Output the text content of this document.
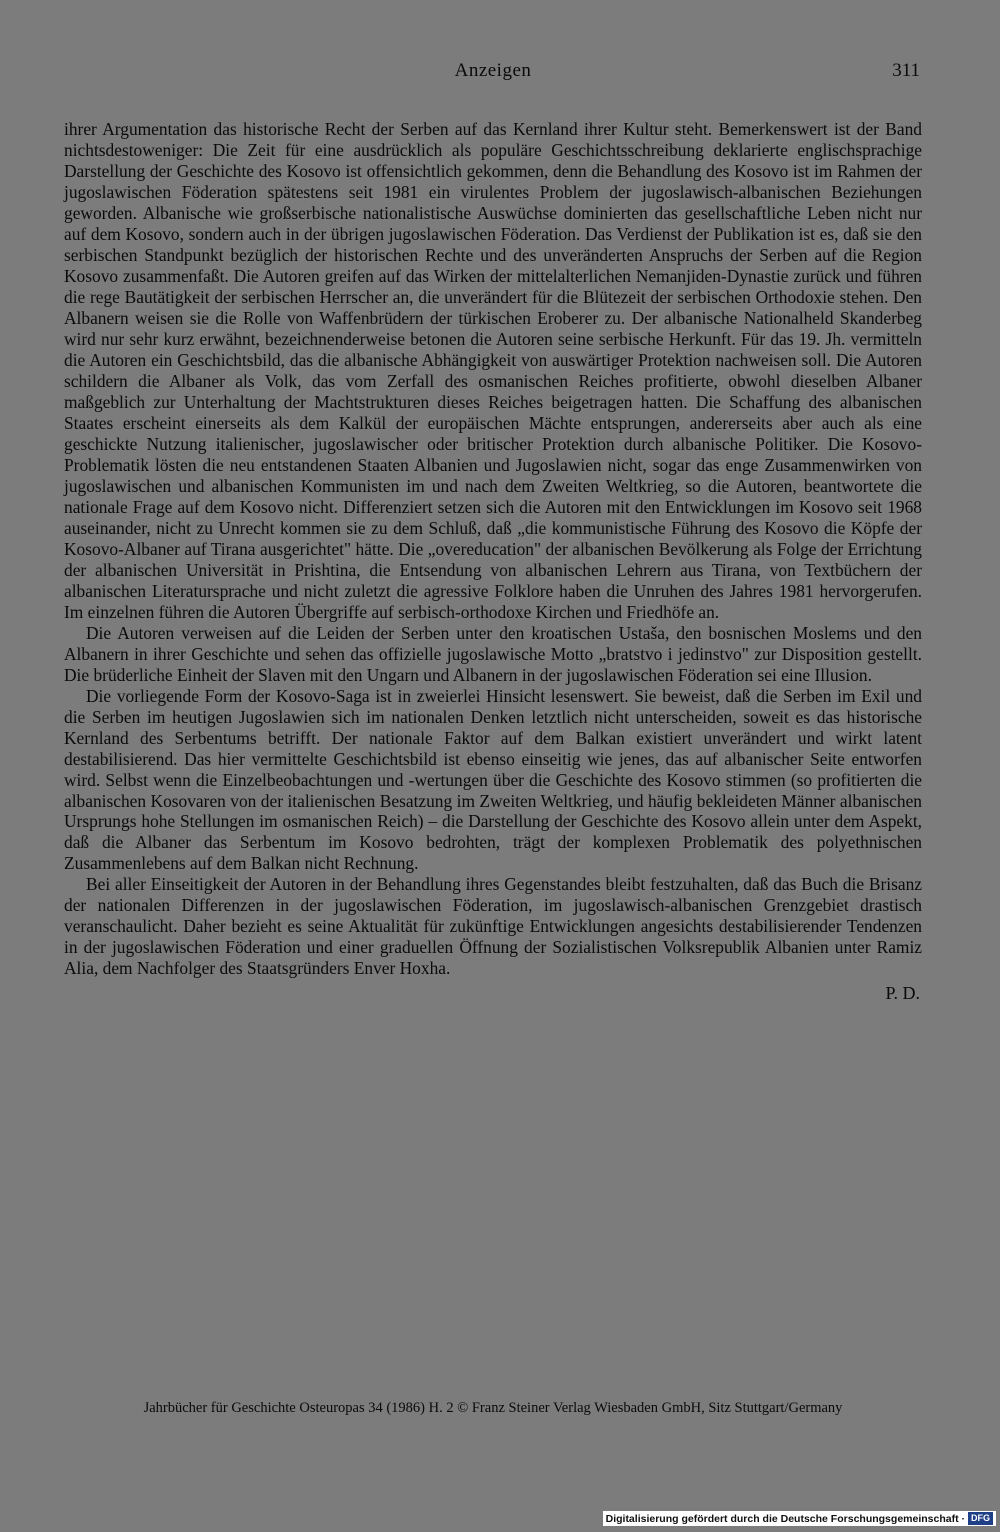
Anzeigen	311

ihrer Argumentation das historische Recht der Serben auf das Kernland ihrer Kultur steht. Bemerkenswert ist der Band nichtsdestoweniger: Die Zeit für eine ausdrücklich als populäre Geschichtsschreibung deklarierte englischsprachige Darstellung der Geschichte des Kosovo ist offensichtlich gekommen, denn die Behandlung des Kosovo ist im Rahmen der jugoslawischen Föderation spätestens seit 1981 ein virulentes Problem der jugoslawisch-albanischen Beziehungen geworden. Albanische wie großserbische nationalistische Auswüchse dominierten das gesellschaftliche Leben nicht nur auf dem Kosovo, sondern auch in der übrigen jugoslawischen Föderation. Das Verdienst der Publikation ist es, daß sie den serbischen Standpunkt bezüglich der historischen Rechte und des unveränderten Anspruchs der Serben auf die Region Kosovo zusammenfaßt. Die Autoren greifen auf das Wirken der mittelalterlichen Nemanjiden-Dynastie zurück und führen die rege Bautätigkeit der serbischen Herrscher an, die unverändert für die Blütezeit der serbischen Orthodoxie stehen. Den Albanern weisen sie die Rolle von Waffenbrüdern der türkischen Eroberer zu. Der albanische Nationalheld Skanderbeg wird nur sehr kurz erwähnt, bezeichnenderweise betonen die Autoren seine serbische Herkunft. Für das 19. Jh. vermitteln die Autoren ein Geschichtsbild, das die albanische Abhängigkeit von auswärtiger Protektion nachweisen soll. Die Autoren schildern die Albaner als Volk, das vom Zerfall des osmanischen Reiches profitierte, obwohl dieselben Albaner maßgeblich zur Unterhaltung der Machtstrukturen dieses Reiches beigetragen hatten. Die Schaffung des albanischen Staates erscheint einerseits als dem Kalkül der europäischen Mächte entsprungen, andererseits aber auch als eine geschickte Nutzung italienischer, jugoslawischer oder britischer Protektion durch albanische Politiker. Die Kosovo-Problematik lösten die neu entstandenen Staaten Albanien und Jugoslawien nicht, sogar das enge Zusammenwirken von jugoslawischen und albanischen Kommunisten im und nach dem Zweiten Weltkrieg, so die Autoren, beantwortete die nationale Frage auf dem Kosovo nicht. Differenziert setzen sich die Autoren mit den Entwicklungen im Kosovo seit 1968 auseinander, nicht zu Unrecht kommen sie zu dem Schluß, daß „die kommunistische Führung des Kosovo die Köpfe der Kosovo-Albaner auf Tirana ausgerichtet" hätte. Die „overeducation" der albanischen Bevölkerung als Folge der Errichtung der albanischen Universität in Prishtina, die Entsendung von albanischen Lehrern aus Tirana, von Textbüchern der albanischen Literatursprache und nicht zuletzt die agressive Folklore haben die Unruhen des Jahres 1981 hervorgerufen. Im einzelnen führen die Autoren Übergriffe auf serbisch-orthodoxe Kirchen und Friedhöfe an.

Die Autoren verweisen auf die Leiden der Serben unter den kroatischen Ustaša, den bosnischen Moslems und den Albanern in ihrer Geschichte und sehen das offizielle jugoslawische Motto „bratstvo i jedinstvo" zur Disposition gestellt. Die brüderliche Einheit der Slaven mit den Ungarn und Albanern in der jugoslawischen Föderation sei eine Illusion.

Die vorliegende Form der Kosovo-Saga ist in zweierlei Hinsicht lesenswert. Sie beweist, daß die Serben im Exil und die Serben im heutigen Jugoslawien sich im nationalen Denken letztlich nicht unterscheiden, soweit es das historische Kernland des Serbentums betrifft. Der nationale Faktor auf dem Balkan existiert unverändert und wirkt latent destabilisierend. Das hier vermittelte Geschichtsbild ist ebenso einseitig wie jenes, das auf albanischer Seite entworfen wird. Selbst wenn die Einzelbeobachtungen und -wertungen über die Geschichte des Kosovo stimmen (so profitierten die albanischen Kosovaren von der italienischen Besatzung im Zweiten Weltkrieg, und häufig bekleideten Männer albanischen Ursprungs hohe Stellungen im osmanischen Reich) – die Darstellung der Geschichte des Kosovo allein unter dem Aspekt, daß die Albaner das Serbentum im Kosovo bedrohten, trägt der komplexen Problematik des polyethnischen Zusammenlebens auf dem Balkan nicht Rechnung.

Bei aller Einseitigkeit der Autoren in der Behandlung ihres Gegenstandes bleibt festzuhalten, daß das Buch die Brisanz der nationalen Differenzen in der jugoslawischen Föderation, im jugoslawisch-albanischen Grenzgebiet drastisch veranschaulicht. Daher bezieht es seine Aktualität für zukünftige Entwicklungen angesichts destabilisierender Tendenzen in der jugoslawischen Föderation und einer graduellen Öffnung der Sozialistischen Volksrepublik Albanien unter Ramiz Alia, dem Nachfolger des Staatsgründers Enver Hoxha.

P. D.

Jahrbücher für Geschichte Osteuropas 34 (1986) H. 2 © Franz Steiner Verlag Wiesbaden GmbH, Sitz Stuttgart/Germany
Digitalisierung gefördert durch die Deutsche Forschungsgemeinschaft · DFG
